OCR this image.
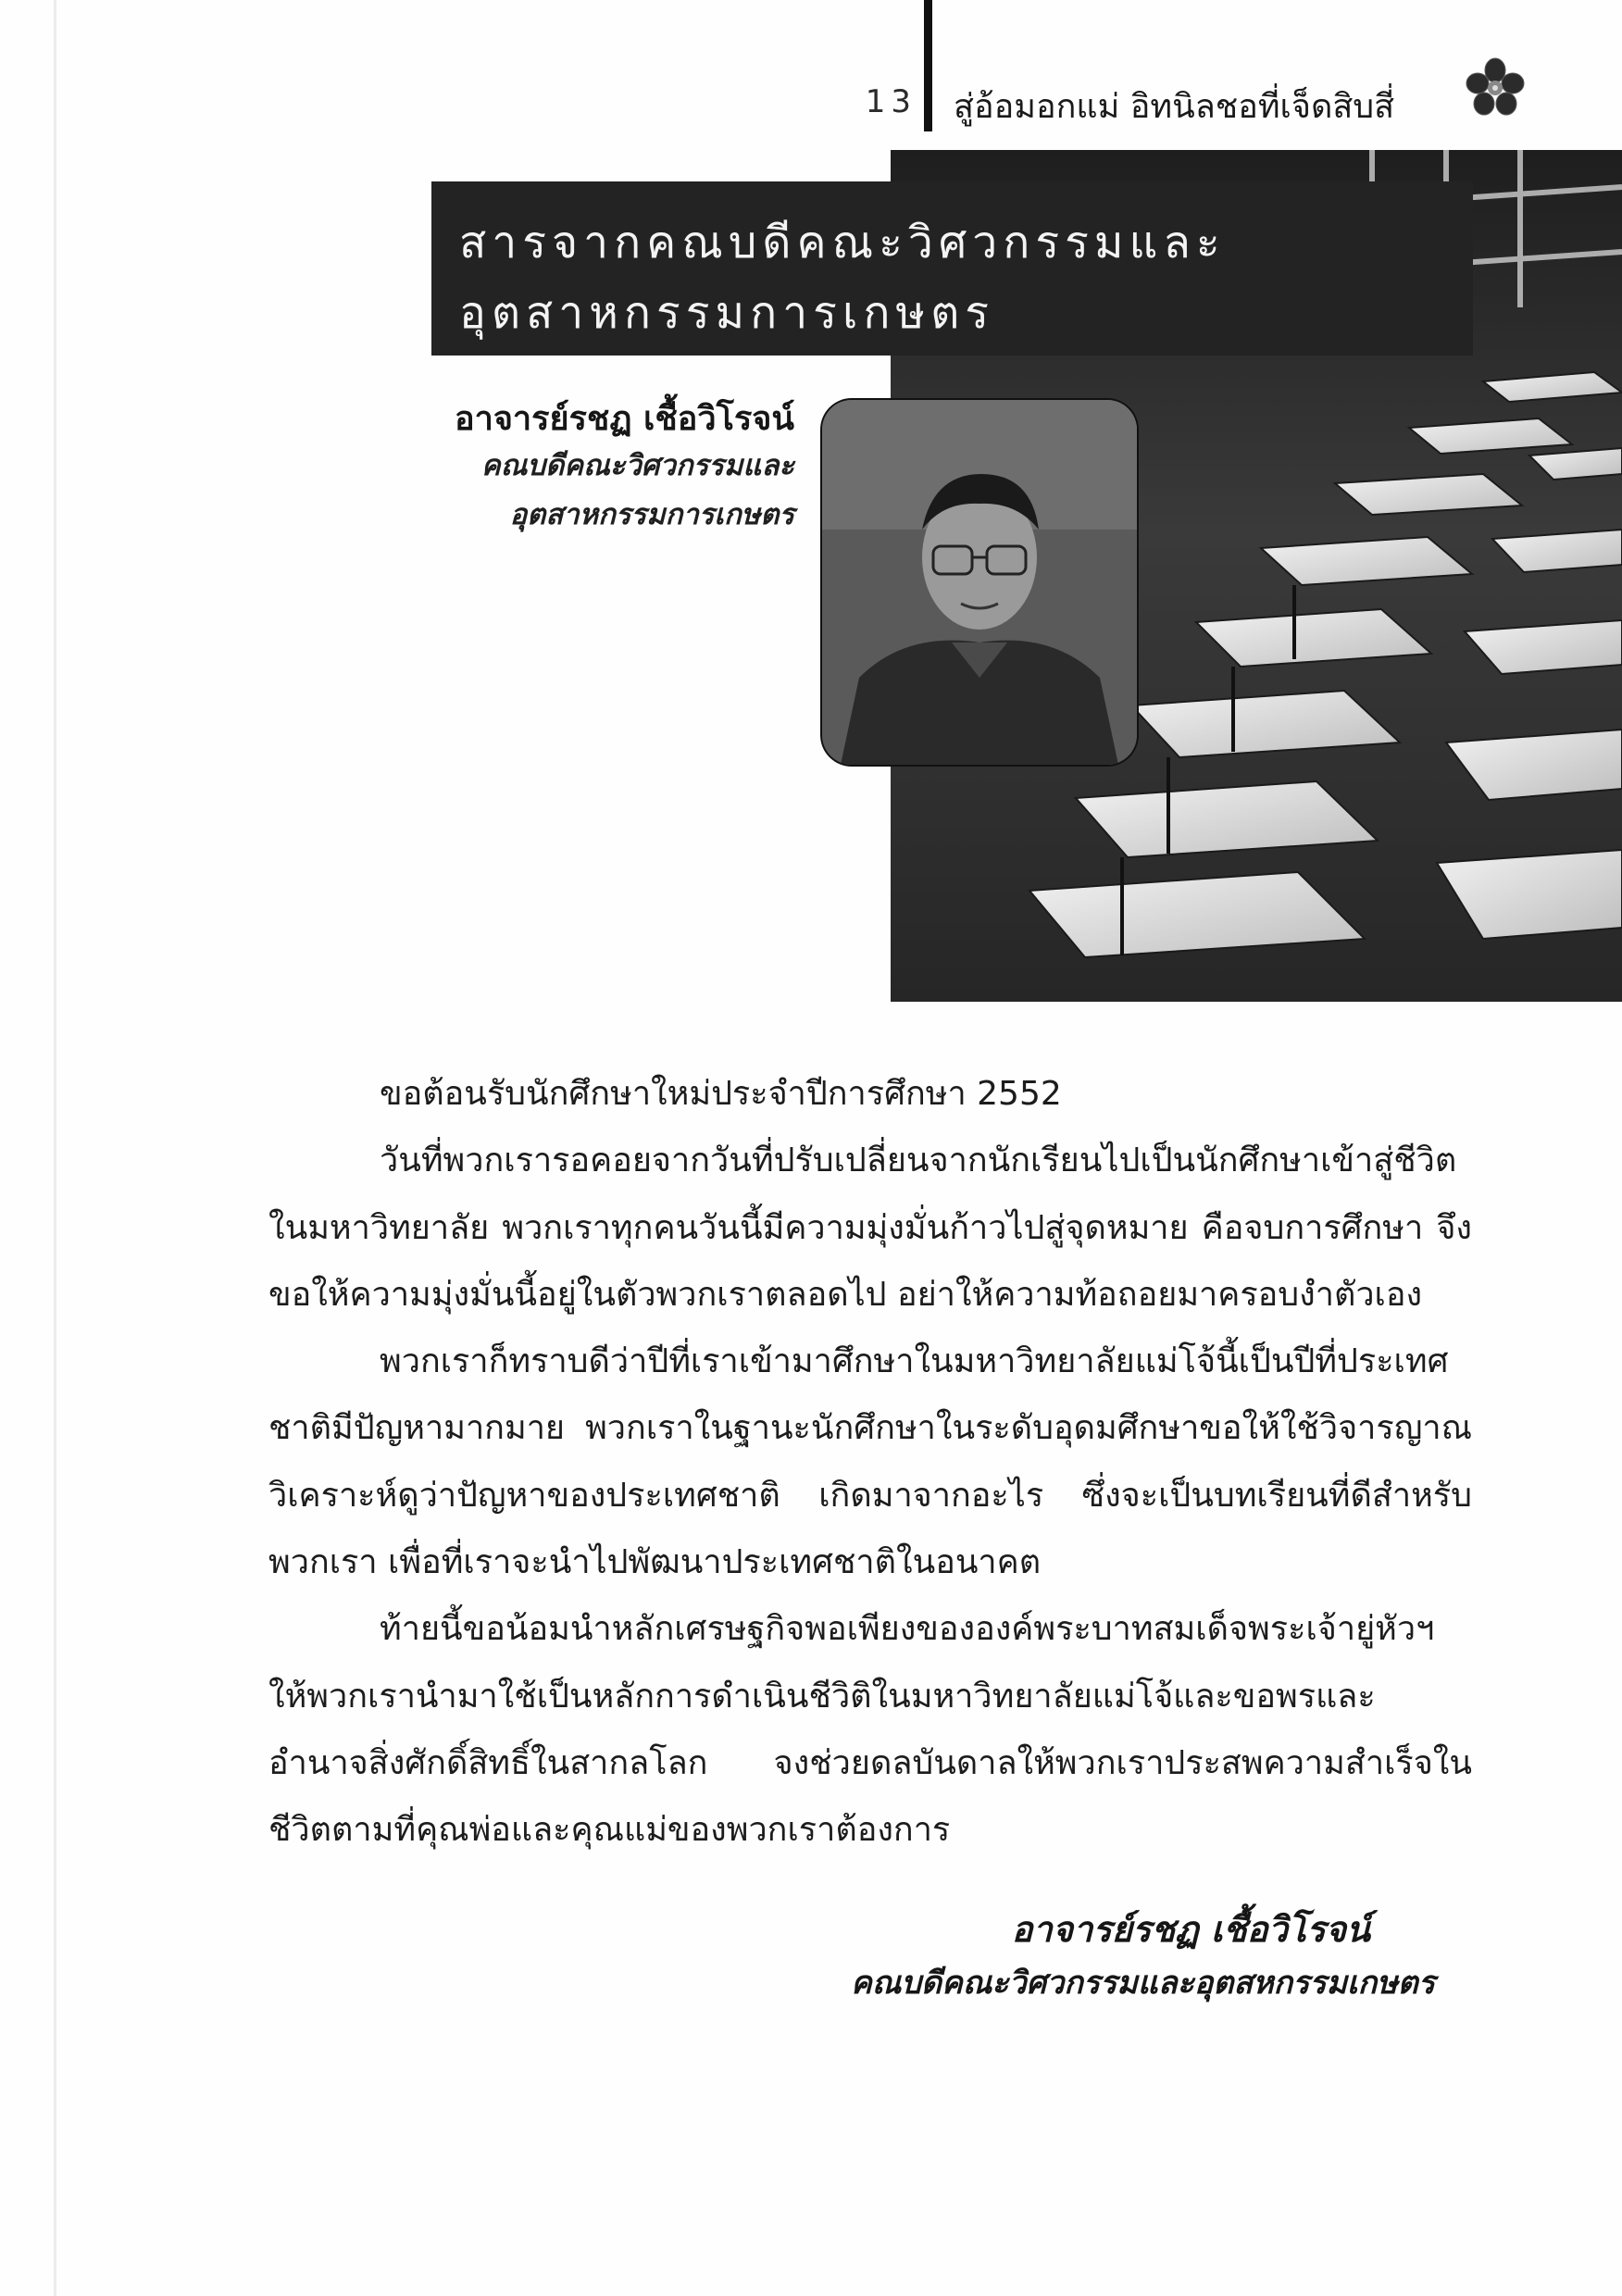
13 สู่อ้อมอกแม่ อิทนิลชอที่เจ็ดสิบสี่
สารจากคณบดีคณะวิศวกรรมและ
อุตสาหกรรมการเกษตร
อาจารย์รชฏ เชื้อวิโรจน์
คณบดีคณะวิศวกรรมและ
อุตสาหกรรมการเกษตร

ขอต้อนรับนักศึกษาใหม่ประจำปีการศึกษา 2552

วันที่พวกเรารอคอยจากวันที่ปรับเปลี่ยนจากนักเรียนไปเป็นนักศึกษาเข้าสู่ชีวิตในมหาวิทยาลัย พวกเราทุกคนวันนี้มีความมุ่งมั่นก้าวไปสู่จุดหมาย คือจบการศึกษา จึงขอให้ความมุ่งมั่นนี้อยู่ในตัวพวกเราตลอดไป อย่าให้ความท้อถอยมาครอบงำตัวเอง

พวกเราก็ทราบดีว่าปีที่เราเข้ามาศึกษาในมหาวิทยาลัยแม่โจ้นี้เป็นปีที่ประเทศชาติมีปัญหามากมาย พวกเราในฐานะนักศึกษาในระดับอุดมศึกษาขอให้ใช้วิจารญาณวิเคราะห์ดูว่าปัญหาของประเทศชาติ เกิดมาจากอะไร ซึ่งจะเป็นบทเรียนที่ดีสำหรับพวกเรา เพื่อที่เราจะนำไปพัฒนาประเทศชาติในอนาคต

ท้ายนี้ขอน้อมนำหลักเศรษฐกิจพอเพียงขององค์พระบาทสมเด็จพระเจ้ายู่หัวฯให้พวกเรานำมาใช้เป็นหลักการดำเนินชีวิติในมหาวิทยาลัยแม่โจ้และขอพรและอำนาจสิ่งศักดิ์สิทธิ์ในสากลโลก จงช่วยดลบันดาลให้พวกเราประสพความสำเร็จในชีวิตตามที่คุณพ่อและคุณแม่ของพวกเราต้องการ

อาจารย์รชฏ เชื้อวิโรจน์
คณบดีคณะวิศวกรรมและอุตสหกรรมเกษตร
